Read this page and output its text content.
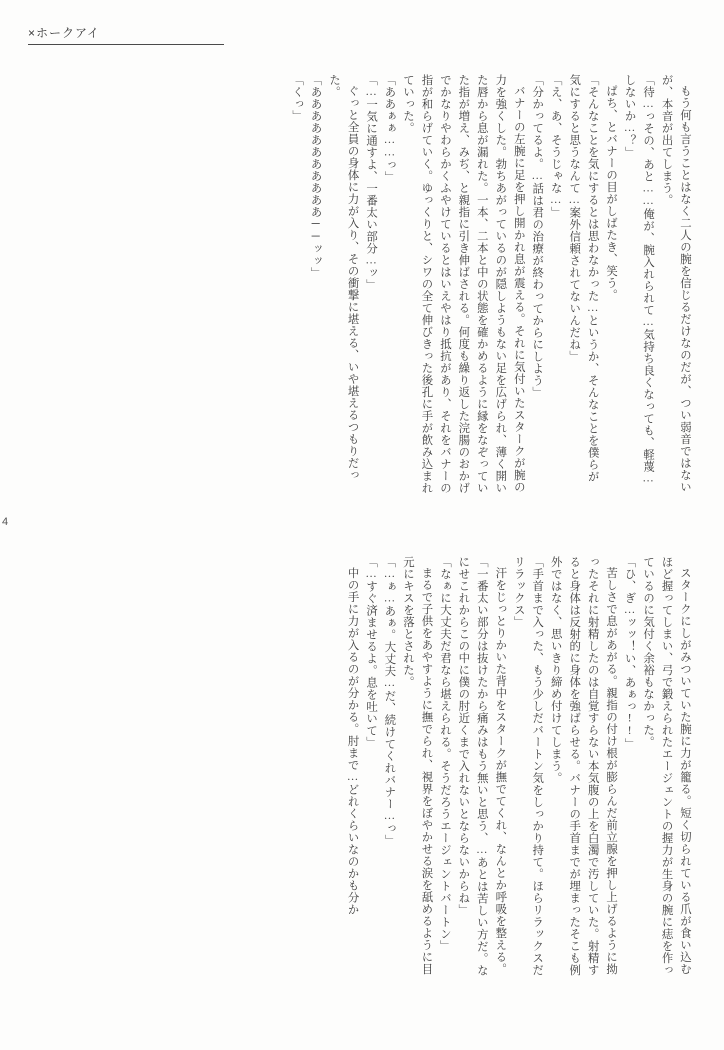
×ホークアイ
4

もう何も言うことはなく二人の腕を信じるだけなのだが、つい弱音ではないが、本音が出てしまう。

「待…っその、あと……俺が、腕入れられて…気持ち良くなっても、軽蔑…しないか…？」

ぱち、とバナーの目がしばたき、笑う。

「そんなことを気にするとは思わなかった…というか、そんなことを僕らが気にすると思うなんて…案外信頼されてないんだね」

「え、あ、そうじゃな…」

「分かってるよ。…話は君の治療が終わってからにしよう」

バナーの左腕に足を押し開かれ息が震える。それに気付いたスタークが腕の力を強くした。勃ちあがっているのが隠しようもない足を広げられ、薄く開いた唇から息が漏れた。一本、二本と中の状態を確かめるように縁をなぞっていた指が増え、みぢ、と親指に引き伸ばされる。何度も繰り返した浣腸のおかげでかなりやわらかくふやけているとはいえやはり抵抗があり、それをバナーの指が和らげていく。ゆっくりと、シワの全て伸びきった後孔に手が飲み込まれていった。

「ああぁぁ……っ」

「…一気に通すよ、一番太い部分…ッ」

ぐっと全員の身体に力が入り、その衝撃に堪える、いや堪えるつもりだった。

「あああああああああああ──ッッ」

「くっ」

スタークにしがみついていた腕に力が籠る。短く切られている爪が食い込むほど握ってしまい、弓で鍛えられたエージェントの握力が生身の腕に痣を作っているのに気付く余裕もなかった。

「ひ、ぎ…ッッ！い、あぁっ!!」

苦しさで息があがる。親指の付け根が膨らんだ前立腺を押し上げるように拗ったそれに射精したのは自覚すらない本気腹の上を白濁で汚していた。射精すると身体は反射的に身体を強ばらせる。バナーの手首までが埋まったそこも例外ではなく、思いきり締め付けてしまう。

「手首まで入った、もう少しだバートン気をしっかり持て。ほらリラックスだリラックス」

汗をじっとりかいた背中をスタークが撫でてくれ、なんとか呼吸を整える。

「一番太い部分は抜けたから痛みはもう無いと思う、…あとは苦しい方だ。なにせこれからこの中に僕の肘近くまで入れないとならないからね」

「なぁに大丈夫だ君なら堪えられる。そうだろうエージェントバートン」

まるで子供をあやすように撫でられ、視界をぼやかせる涙を舐めるように目元にキスを落とされた。

「…ぁ…あぁ。大丈夫…だ、続けてくれバナー…っ」

「…すぐ済ませるよ。息を吐いて」

中の手に力が入るのが分かる。肘まで…どれくらいなのかも分か
